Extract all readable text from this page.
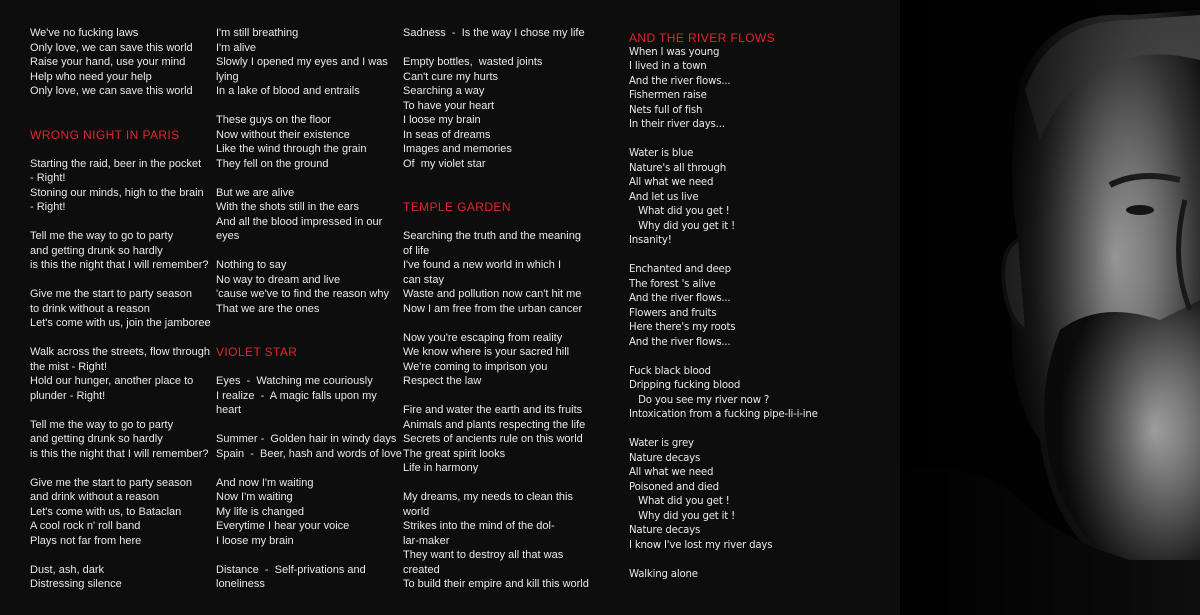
We've no fucking laws
Only love, we can save this world
Raise your hand, use your mind
Help who need your help
Only love, we can save this world
WRONG NIGHT IN PARIS
Starting the raid, beer in the pocket
- Right!
Stoning our minds, high to the brain
- Right!
Tell me the way to go to party
and getting drunk so hardly
is this the night that I will remember?
Give me the start to party season
to drink without a reason
Let's come with us, join the jamboree
Walk across the streets, flow through
the mist - Right!
Hold our hunger, another place to
plunder - Right!
Tell me the way to go to party
and getting drunk so hardly
is this the night that I will remember?
Give me the start to party season
and drink without a reason
Let's come with us, to Bataclan
A cool rock n' roll band
Plays not far from here
Dust, ash, dark
Distressing silence
I'm still breathing
I'm alive
Slowly I opened my eyes and I was
lying
In a lake of blood and entrails
These guys on the floor
Now without their existence
Like the wind through the grain
They fell on the ground
But we are alive
With the shots still in the ears
And all the blood impressed in our
eyes
Nothing to say
No way to dream and live
'cause we've to find the reason why
That we are the ones
VIOLET STAR
Eyes  -  Watching me couriously
I realize  -  A magic falls upon my
heart
Summer -  Golden hair in windy days
Spain  -  Beer, hash and words of love
And now I'm waiting
Now I'm waiting
My life is changed
Everytime I hear your voice
I loose my brain
Distance  -  Self-privations and
loneliness
Sadness  -  Is the way I chose my life
Empty bottles,  wasted joints
Can't cure my hurts
Searching a way
To have your heart
I loose my brain
In seas of dreams
Images and memories
Of  my violet star
TEMPLE GARDEN
Searching the truth and the meaning
of life
I've found a new world in which I
can stay
Waste and pollution now can't hit me
Now I am free from the urban cancer
Now you're escaping from reality
We know where is your sacred hill
We're coming to imprison you
Respect the law
Fire and water the earth and its fruits
Animals and plants respecting the life
Secrets of ancients rule on this world
The great spirit looks
Life in harmony
My dreams, my needs to clean this
world
Strikes into the mind of the dol-
lar-maker
They want to destroy all that was
created
To build their empire and kill this world
AND THE RIVER FLOWS
When I was young
I lived in a town
And the river flows...
Fishermen raise
Nets full of fish
In their river days...
Water is blue
Nature's all through
All what we need
And let us live
What did you get !
Why did you get it !
Insanity!
Enchanted and deep
The forest 's alive
And the river flows...
Flowers and fruits
Here there's my roots
And the river flows...
Fuck black blood
Dripping fucking blood
Do you see my river now ?
Intoxication from a fucking pipe-li-i-ine
Water is grey
Nature decays
All what we need
Poisoned and died
What did you get !
Why did you get it !
Nature decays
I know I've lost my river days
Walking alone
